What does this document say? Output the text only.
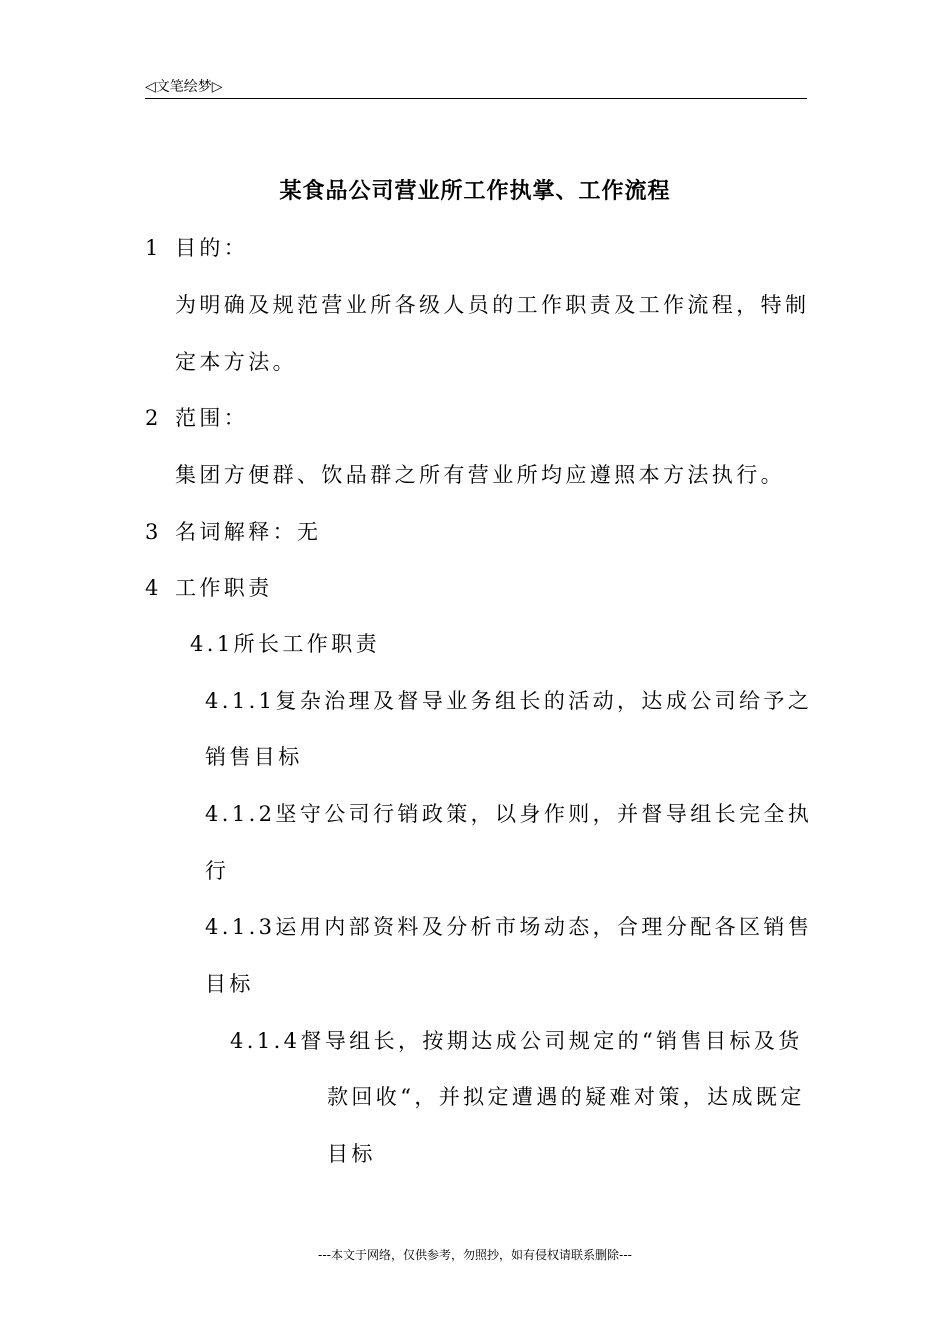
◁文笔绘梦▷
某食品公司营业所工作执掌、工作流程
1 目的：
为明确及规范营业所各级人员的工作职责及工作流程，特制
定本方法。
2 范围：
集团方便群、饮品群之所有营业所均应遵照本方法执行。
3 名词解释：无
4 工作职责
4.1所长工作职责
4.1.1复杂治理及督导业务组长的活动，达成公司给予之
销售目标
4.1.2坚守公司行销政策，以身作则，并督导组长完全执
行
4.1.3运用内部资料及分析市场动态，合理分配各区销售
目标
4.1.4督导组长，按期达成公司规定的“销售目标及货
款回收“，并拟定遭遇的疑难对策，达成既定
目标
---本文于网络，仅供参考，勿照抄，如有侵权请联系删除---
